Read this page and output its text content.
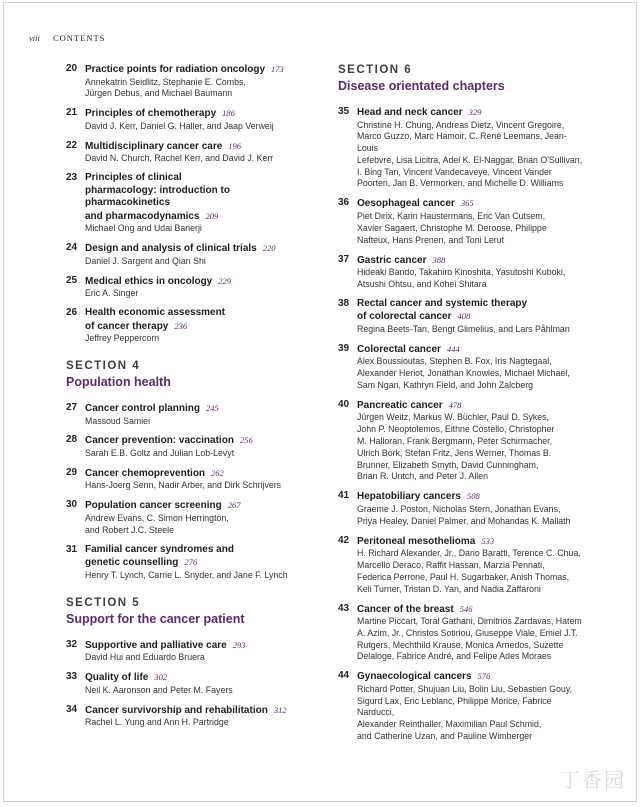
viii CONTENTS
20 Practice points for radiation oncology 173
Annekatrin Seidlitz, Stephanie E. Combs,
Jürgen Debus, and Michael Baumann
21 Principles of chemotherapy 186
David J. Kerr, Daniel G. Haller, and Jaap Verweij
22 Multidisciplinary cancer care 196
David N. Church, Rachel Kerr, and David J. Kerr
23 Principles of clinical
pharmacology: introduction to
pharmacokinetics
and pharmacodynamics 209
Michael Ong and Udai Banerji
24 Design and analysis of clinical trials 220
Daniel J. Sargent and Qian Shi
25 Medical ethics in oncology 229
Eric A. Singer
26 Health economic assessment
of cancer therapy 236
Jeffrey Peppercorn
SECTION 4
Population health
27 Cancer control planning 245
Massoud Samiei
28 Cancer prevention: vaccination 256
Sarah E.B. Goltz and Julian Lob-Levyt
29 Cancer chemoprevention 262
Hans-Joerg Senn, Nadir Arber, and Dirk Schrijvers
30 Population cancer screening 267
Andrew Evans, C. Simon Herrington,
and Robert J.C. Steele
31 Familial cancer syndromes and
genetic counselling 276
Henry T. Lynch, Carrie L. Snyder, and Jane F. Lynch
SECTION 5
Support for the cancer patient
32 Supportive and palliative care 293
David Hui and Eduardo Bruera
33 Quality of life 302
Neil K. Aaronson and Peter M. Fayers
34 Cancer survivorship and rehabilitation 312
Rachel L. Yung and Ann H. Partridge
SECTION 6
Disease orientated chapters
35 Head and neck cancer 329
Christine H. Chung, Andreas Dietz, Vincent Gregoire,
Marco Guzzo, Marc Hamoir, C. René Leemans, Jean-Louis
Lefebvre, Lisa Licitra, Adel K. El-Naggar, Brian O'Sullivan,
I. Bing Tan, Vincent Vandecaveye, Vincent Vander
Poorten, Jan B. Vermorken, and Michelle D. Williams
36 Oesophageal cancer 365
Piet Dirix, Karin Haustermans, Eric Van Cutsem,
Xavier Sagaert, Christophe M. Deroose, Philippe
Nafteux, Hans Prenen, and Toni Lerut
37 Gastric cancer 388
Hideaki Bando, Takahiro Kinoshita, Yasutoshi Kuboki,
Atsushi Ohtsu, and Kohei Shitara
38 Rectal cancer and systemic therapy
of colorectal cancer 408
Regina Beets-Tan, Bengt Glimelius, and Lars Påhlman
39 Colorectal cancer 444
Alex Boussioutas, Stephen B. Fox, Iris Nagtegaal,
Alexander Heriot, Jonathan Knowles, Michael Michael,
Sam Ngan, Kathryn Field, and John Zalcberg
40 Pancreatic cancer 478
Jürgen Weitz, Markus W. Büchler, Paul D. Sykes,
John P. Neoptolemos, Eithne Costello, Christopher
M. Halloran, Frank Bergmann, Peter Schirmacher,
Ulrich Bork, Stefan Fritz, Jens Werner, Thomas B.
Brunner, Elizabeth Smyth, David Cunningham,
Brian R. Untch, and Peter J. Allen
41 Hepatobiliary cancers 508
Graeme J. Poston, Nicholas Stern, Jonathan Evans,
Priya Healey, Daniel Palmer, and Mohandas K. Mallath
42 Peritoneal mesothelioma 533
H. Richard Alexander, Jr., Dario Baratti, Terence C. Chua,
Marcello Deraco, Raffit Hassan, Marzia Pennati,
Federica Perrone, Paul H. Sugarbaker, Anish Thomas,
Keli Turner, Tristan D. Yan, and Nadia Zaffaroni
43 Cancer of the breast 546
Martine Piccart, Toral Gathani, Dimitrios Zardavas, Hatem
A. Azim, Jr., Christos Sotiriou, Giuseppe Viale, Emiel J.T.
Rutgers, Mechthild Krause, Monica Arnedos, Suzette
Delaloge, Fabrice André, and Felipe Ades Moraes
44 Gynaecological cancers 576
Richard Potter, Shujuan Liu, Bolin Liu, Sebastien Gouy,
Sigurd Lax, Eric Leblanc, Philippe Morice, Fabrice Narducci,
Alexander Reinthaller, Maximilian Paul Schmid,
and Catherine Uzan, and Pauline Wimberger
丁香园
